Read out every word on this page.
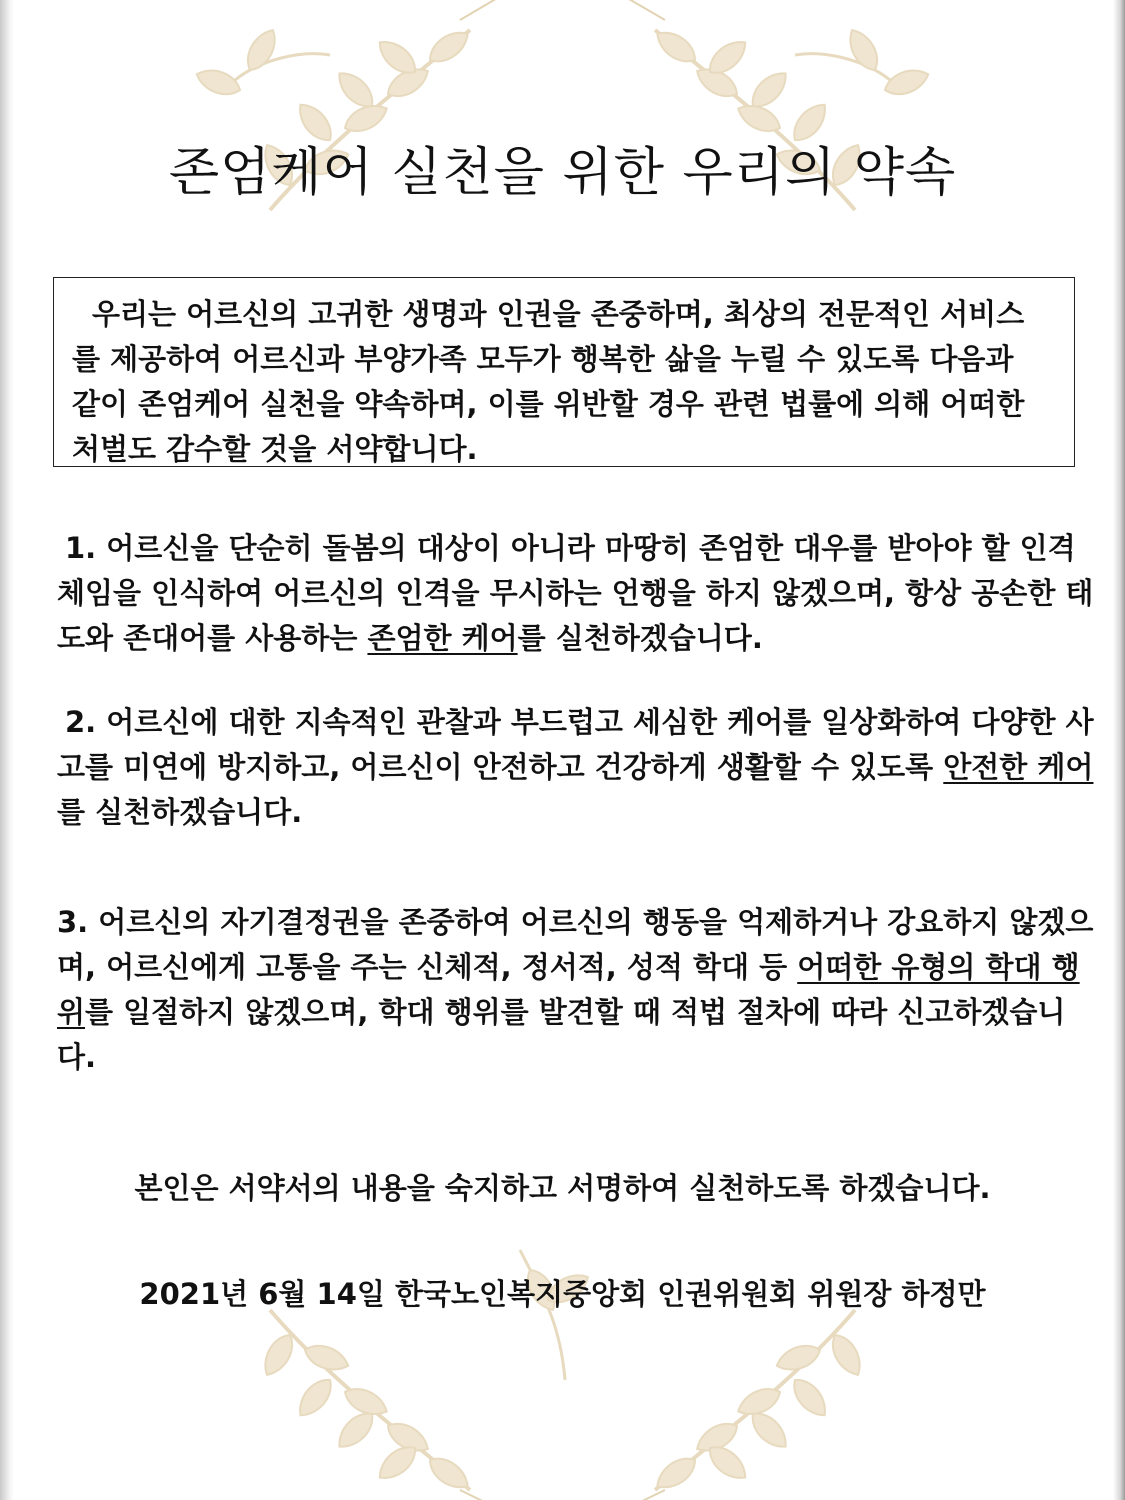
존엄케어 실천을 위한 우리의 약속

우리는 어르신의 고귀한 생명과 인권을 존중하며, 최상의 전문적인 서비스를 제공하여 어르신과 부양가족 모두가 행복한 삶을 누릴 수 있도록 다음과 같이 존엄케어 실천을 약속하며, 이를 위반할 경우 관련 법률에 의해 어떠한 처벌도 감수할 것을 서약합니다.

1. 어르신을 단순히 돌봄의 대상이 아니라 마땅히 존엄한 대우를 받아야 할 인격체임을 인식하여 어르신의 인격을 무시하는 언행을 하지 않겠으며, 항상 공손한 태도와 존대어를 사용하는 존엄한 케어를 실천하겠습니다.

2. 어르신에 대한 지속적인 관찰과 부드럽고 세심한 케어를 일상화하여 다양한 사고를 미연에 방지하고, 어르신이 안전하고 건강하게 생활할 수 있도록 안전한 케어를 실천하겠습니다.

3. 어르신의 자기결정권을 존중하여 어르신의 행동을 억제하거나 강요하지 않겠으며, 어르신에게 고통을 주는 신체적, 정서적, 성적 학대 등 어떠한 유형의 학대 행위를 일절하지 않겠으며, 학대 행위를 발견할 때 적법 절차에 따라 신고하겠습니다.

본인은 서약서의 내용을 숙지하고 서명하여 실천하도록 하겠습니다.

2021년 6월 14일 한국노인복지중앙회 인권위원회 위원장 하정만
